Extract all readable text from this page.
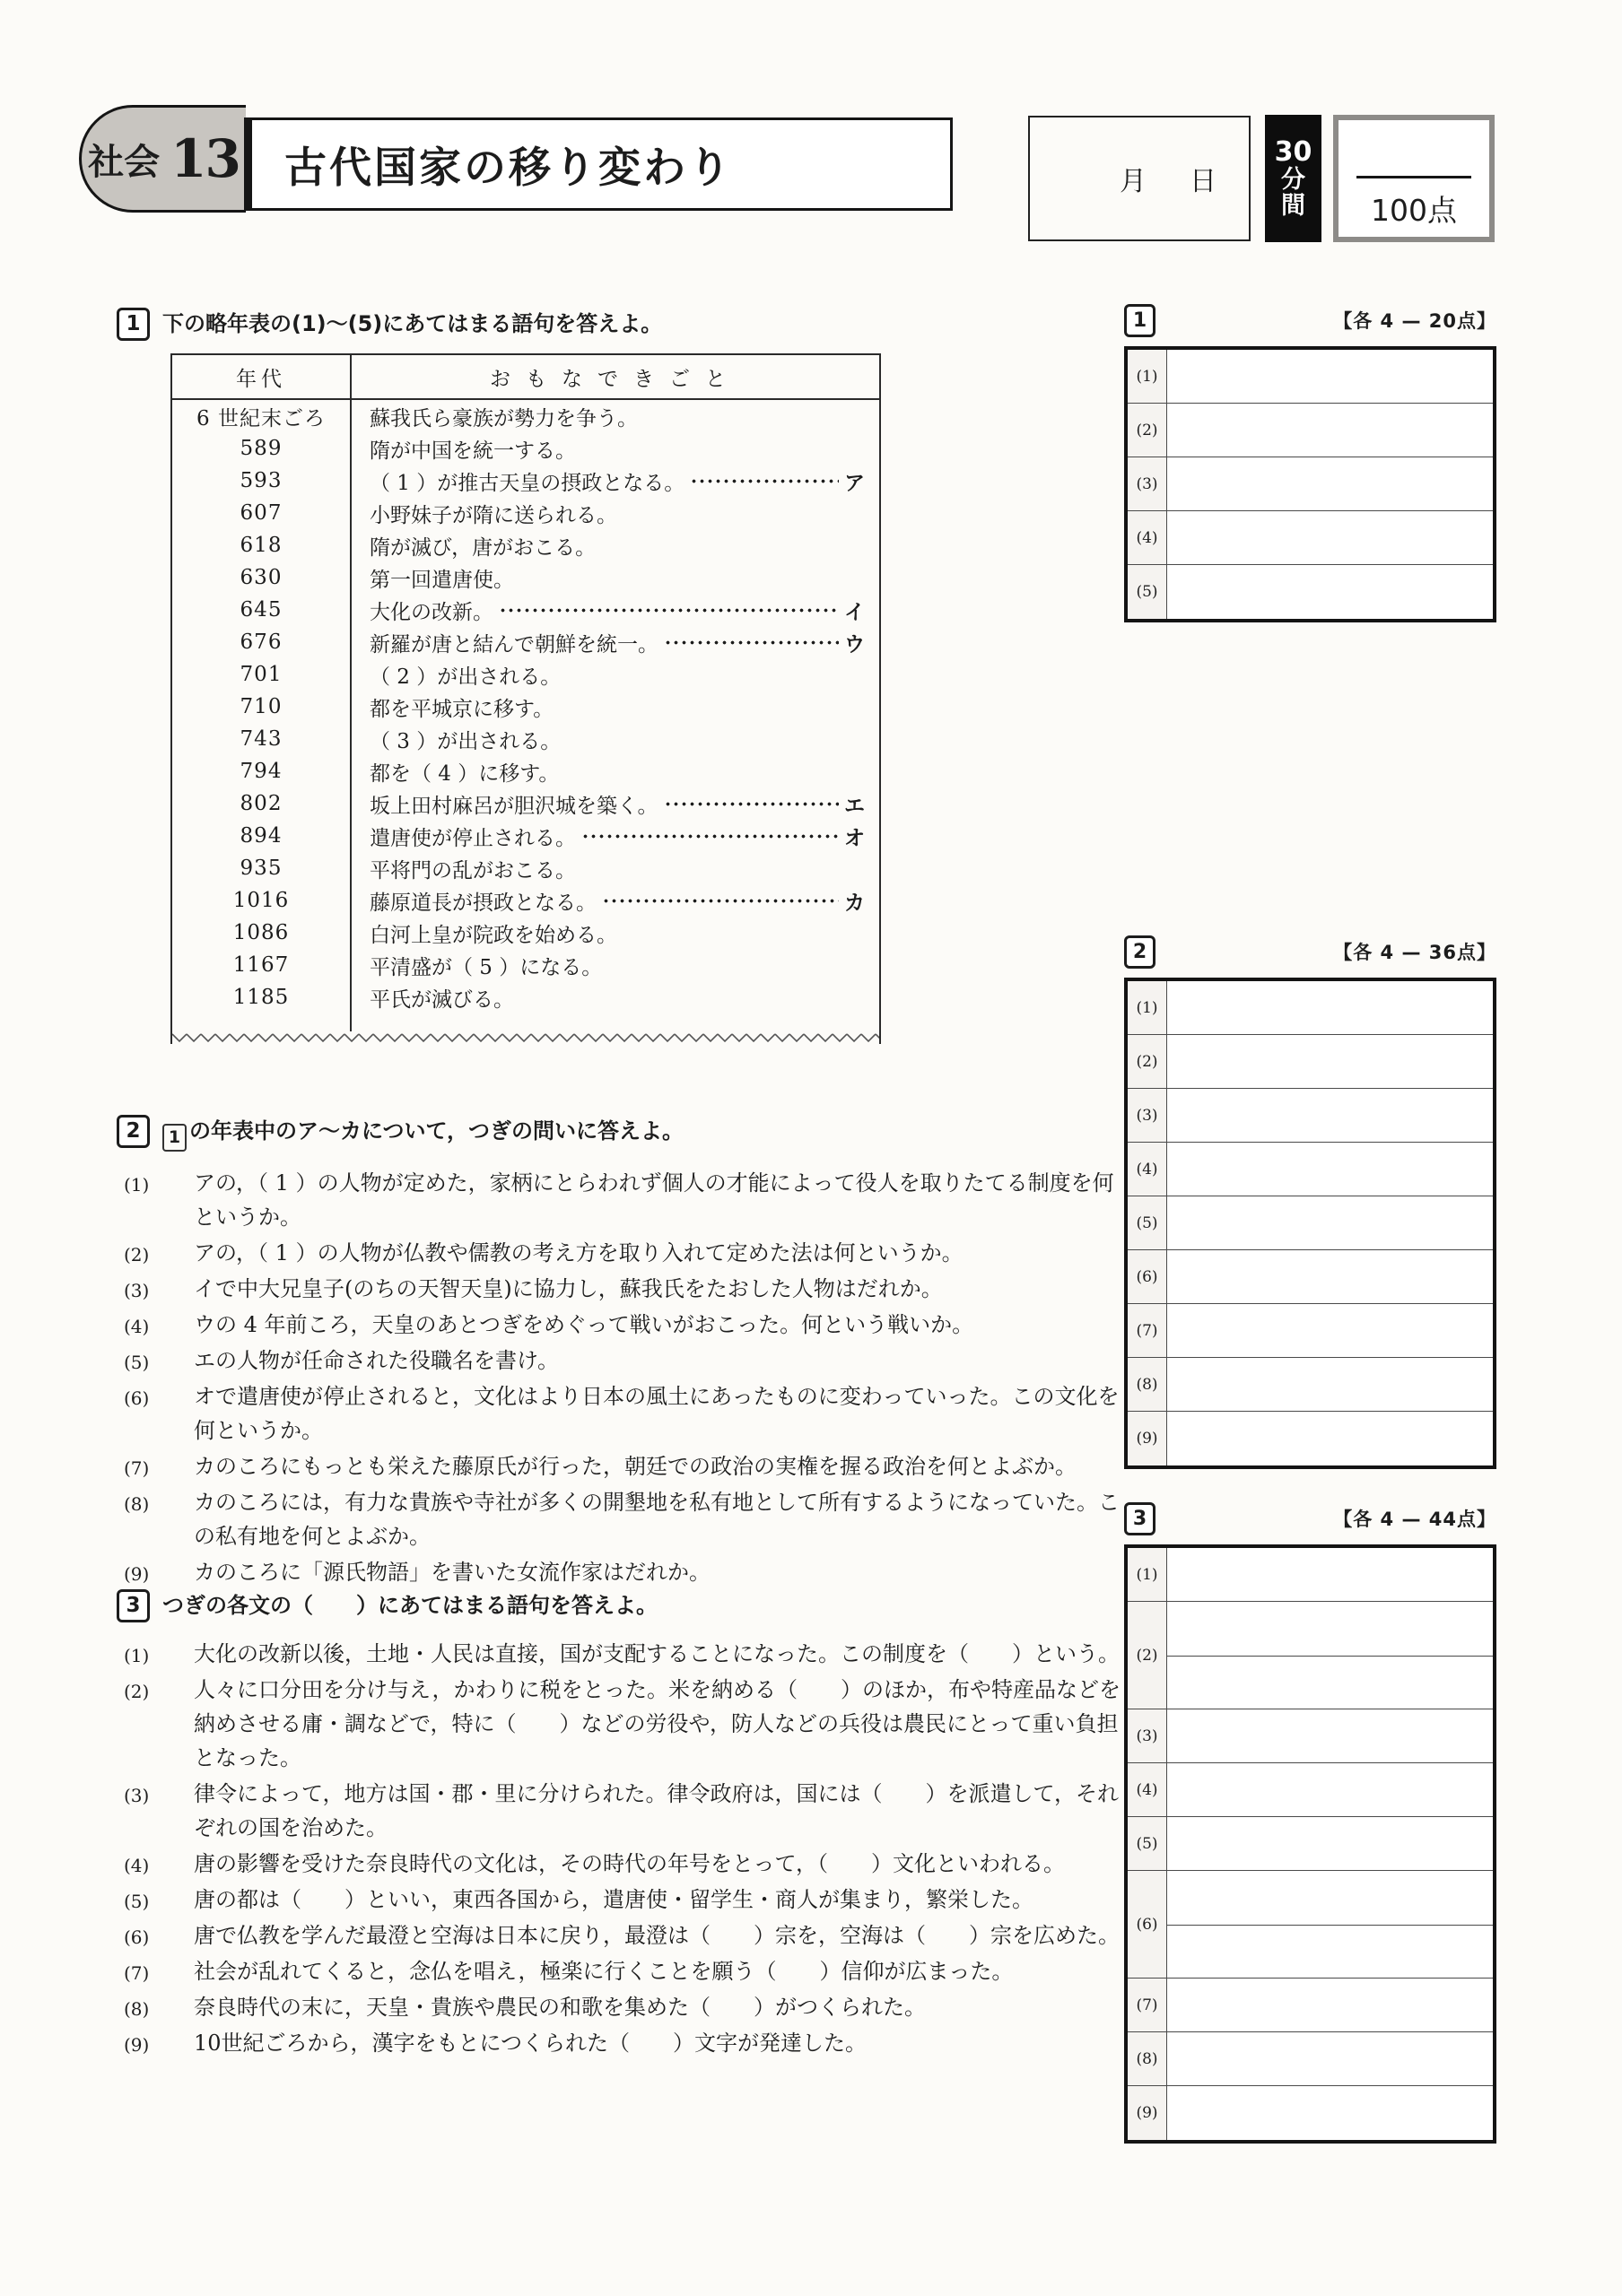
社会 13 古代国家の移り変わり	月 日
30
分
間	100点
1	下の略年表の(1)〜(5)にあてはまる語句を答えよ。
年代	おもなできごと
6 世紀末ごろ	蘇我氏ら豪族が勢力を争う。
589	隋が中国を統一する。
593	（ 1 ）が推古天皇の摂政となる。	ア
607	小野妹子が隋に送られる。
618	隋が滅び，唐がおこる。
630	第一回遣唐使。
645	大化の改新。	イ
676	新羅が唐と結んで朝鮮を統一。	ウ
701	（ 2 ）が出される。
710	都を平城京に移す。
743	（ 3 ）が出される。
794	都を（ 4 ）に移す。
802	坂上田村麻呂が胆沢城を築く。	エ
894	遣唐使が停止される。	オ
935	平将門の乱がおこる。
1016	藤原道長が摂政となる。	カ
1086	白河上皇が院政を始める。
1167	平清盛が（ 5 ）になる。
1185	平氏が滅びる。
2	1 の年表中のア〜カについて，つぎの問いに答えよ。
(1) アの，（ 1 ）の人物が定めた，家柄にとらわれず個人の才能によって役人を取りたてる制度を何というか。
(2) アの，（ 1 ）の人物が仏教や儒教の考え方を取り入れて定めた法は何というか。
(3) イで中大兄皇子(のちの天智天皇)に協力し，蘇我氏をたおした人物はだれか。
(4) ウの 4 年前ころ，天皇のあとつぎをめぐって戦いがおこった。何という戦いか。
(5) エの人物が任命された役職名を書け。
(6) オで遣唐使が停止されると，文化はより日本の風土にあったものに変わっていった。この文化を何というか。
(7) カのころにもっとも栄えた藤原氏が行った，朝廷での政治の実権を握る政治を何とよぶか。
(8) カのころには，有力な貴族や寺社が多くの開墾地を私有地として所有するようになっていた。この私有地を何とよぶか。
(9) カのころに「源氏物語」を書いた女流作家はだれか。
3	つぎの各文の（　　）にあてはまる語句を答えよ。
(1) 大化の改新以後，土地・人民は直接，国が支配することになった。この制度を（　　）という。
(2) 人々に口分田を分け与え，かわりに税をとった。米を納める（　　）のほか，布や特産品などを納めさせる庸・調などで，特に（　　）などの労役や，防人などの兵役は農民にとって重い負担となった。
(3) 律令によって，地方は国・郡・里に分けられた。律令政府は，国には（　　）を派遣して，それぞれの国を治めた。
(4) 唐の影響を受けた奈良時代の文化は，その時代の年号をとって，（　　）文化といわれる。
(5) 唐の都は（　　）といい，東西各国から，遣唐使・留学生・商人が集まり，繁栄した。
(6) 唐で仏教を学んだ最澄と空海は日本に戻り，最澄は（　　）宗を，空海は（　　）宗を広めた。
(7) 社会が乱れてくると，念仏を唱え，極楽に行くことを願う（　　）信仰が広まった。
(8) 奈良時代の末に，天皇・貴族や農民の和歌を集めた（　　）がつくられた。
(9) 10世紀ごろから，漢字をもとにつくられた（　　）文字が発達した。
1	【各 4 — 20点】
(1)
(2)
(3)
(4)
(5)
2	【各 4 — 36点】
(1)
(2)
(3)
(4)
(5)
(6)
(7)
(8)
(9)
3	【各 4 — 44点】
(1)
(2)
(3)
(4)
(5)
(6)
(7)
(8)
(9)
